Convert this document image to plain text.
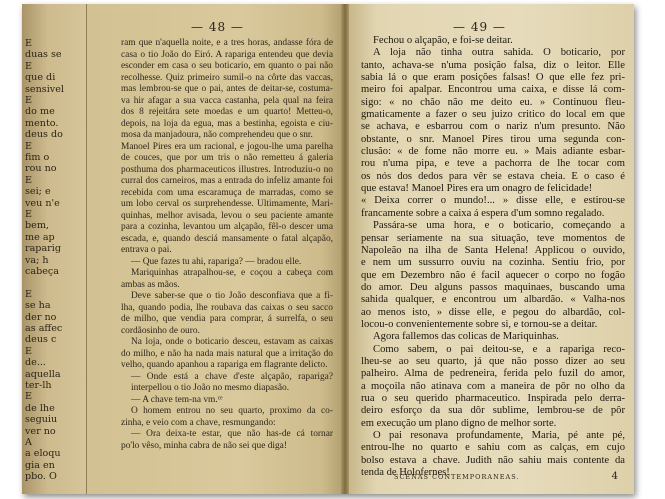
E
duas se
E
que di
sensivel
E
do me
mento.
deus do
E
fim o
rou no
E
sei; e
veu n'e
E
bem,
me ap
raparig
va; h
cabeça
E
se ha
der no
as affec
deus c
E
de...
aquella
ter-lh
E
de lhe
seguiu
ver no
A
a eloqu
gia en
pbo. O
— 48 —
ram que n'aquella noite, e a tres horas, andasse fóra de
casa o tio João do Eiró. A rapariga entendeu que devia
esconder em casa o seu boticario, em quanto o pai não
recolhesse. Quiz primeiro sumil-o na côrte das vaccas,
mas lembrou-se que o pai, antes de deitar-se, costuma-
va hir afagar a sua vacca castanha, pela qual na feira
dos 8 rejeitára sete moedas e um quarto! Metteu-o,
depois, na loja da egua, mas a bestinha, egoista e ciu-
mosa da manjadoura, não comprehendeu que o snr.
Manoel Pires era um racional, e jogou-lhe uma parelha
de couces, que por um tris o não remetteu á galeria
posthuma dos pharmaceuticos illustres. Introduziu-o no
curral dos carneiros, mas a entrada do infeliz amante foi
recebida com uma escaramuça de marradas, como se
um lobo cerval os surprehendesse. Ultimamente, Mari-
quinhas, melhor avisada, levou o seu paciente amante
para a cozinha, levantou um alçapão, fêl-o descer uma
escada, e, quando desciá mansamente o fatal alçapão,
entrava o pai.
— Que fazes tu ahi, rapariga? — bradou elle.
Mariquinhas atrapalhou-se, e coçou a cabeça com
ambas as mãos.
Deve saber-se que o tio João desconfiava que a fi-
lha, quando podia, lhe roubava das caixas o seu sacco
de milho, que vendia para comprar, á surrelfa, o seu
cordãosinho de ouro.
Na loja, onde o boticario desceu, estavam as caixas
do milho, e não ha nada mais natural que a irritação do
velho, quando apanhou a rapariga em flagrante delicto.
— Onde está a chave d'este alçapão, rapariga?
interpellou o tio João no mesmo diapasão.
— A chave tem-na vm.ᶜᵉ
O homem entrou no seu quarto, proximo da co-
zinha, e veio com a chave, resmungando:
— Ora deixa-te estar, que não has-de cá tornar
po'lo vêso, minha cabra de não sei que diga!
— 49 —
Fechou o alçapão, e foi-se deitar.
A loja não tinha outra sahida. O boticario, por
tanto, achava-se n'uma posição falsa, diz o leitor. Elle
sabia lá o que eram posições falsas! O que elle fez pri-
meiro foi apalpar. Encontrou uma caixa, e disse lá com-
sigo: « no chão não me deito eu. » Continuou fleu-
gmaticamente a fazer o seu juizo critico do local em que
se achava, e esbarrou com o nariz n'um presunto. Não
obstante, o snr. Manoel Pires tirou uma segunda con-
clusão: « de fome não morre eu. » Mais adiante esbar-
rou n'uma pipa, e teve a pachorra de lhe tocar com
os nós dos dedos para vêr se estava cheia. E o caso é
que estava! Manoel Pires era um onagro de felicidade!
« Deixa correr o mundo!... » disse elle, e estirou-se
francamente sobre a caixa á espera d'um somno regalado.
Passára-se uma hora, e o boticario, começando a
pensar seriamente na sua situação, teve momentos de
Napoleão na ilha de Santa Helena! Applicou o ouvido,
e nem um sussurro ouviu na cozinha. Sentiu frio, por
que em Dezembro não é facil aquecer o corpo no fogão
do amor. Deu alguns passos maquinaes, buscando uma
sahida qualquer, e encontrou um albardão. « Valha-nos
ao menos isto, » disse elle, e pegou do albardão, col-
locou-o convenientemente sobre si, e tornou-se a deitar.
Agora fallemos das colicas de Mariquinhas.
Como sabem, o pai deitou-se, e a rapariga reco-
lheu-se ao seu quarto, já que não posso dizer ao seu
palheiro. Alma de pedreneira, ferida pelo fuzil do amor,
a moçoila não atinava com a maneira de pôr no olho da
rua o seu querido pharmaceutico. Inspirada pelo derra-
deiro esforço da sua dôr sublime, lembrou-se de pôr
em execução um plano digno de melhor sorte.
O pai resonava profundamente, Maria, pé ante pé,
entrou-lhe no quarto e sahiu com as calças, em cujo
bolso estava a chave. Judith não sahiu mais contente da
tenda de Holofernes!
SCENAS CONTEMPORANEAS.	4
